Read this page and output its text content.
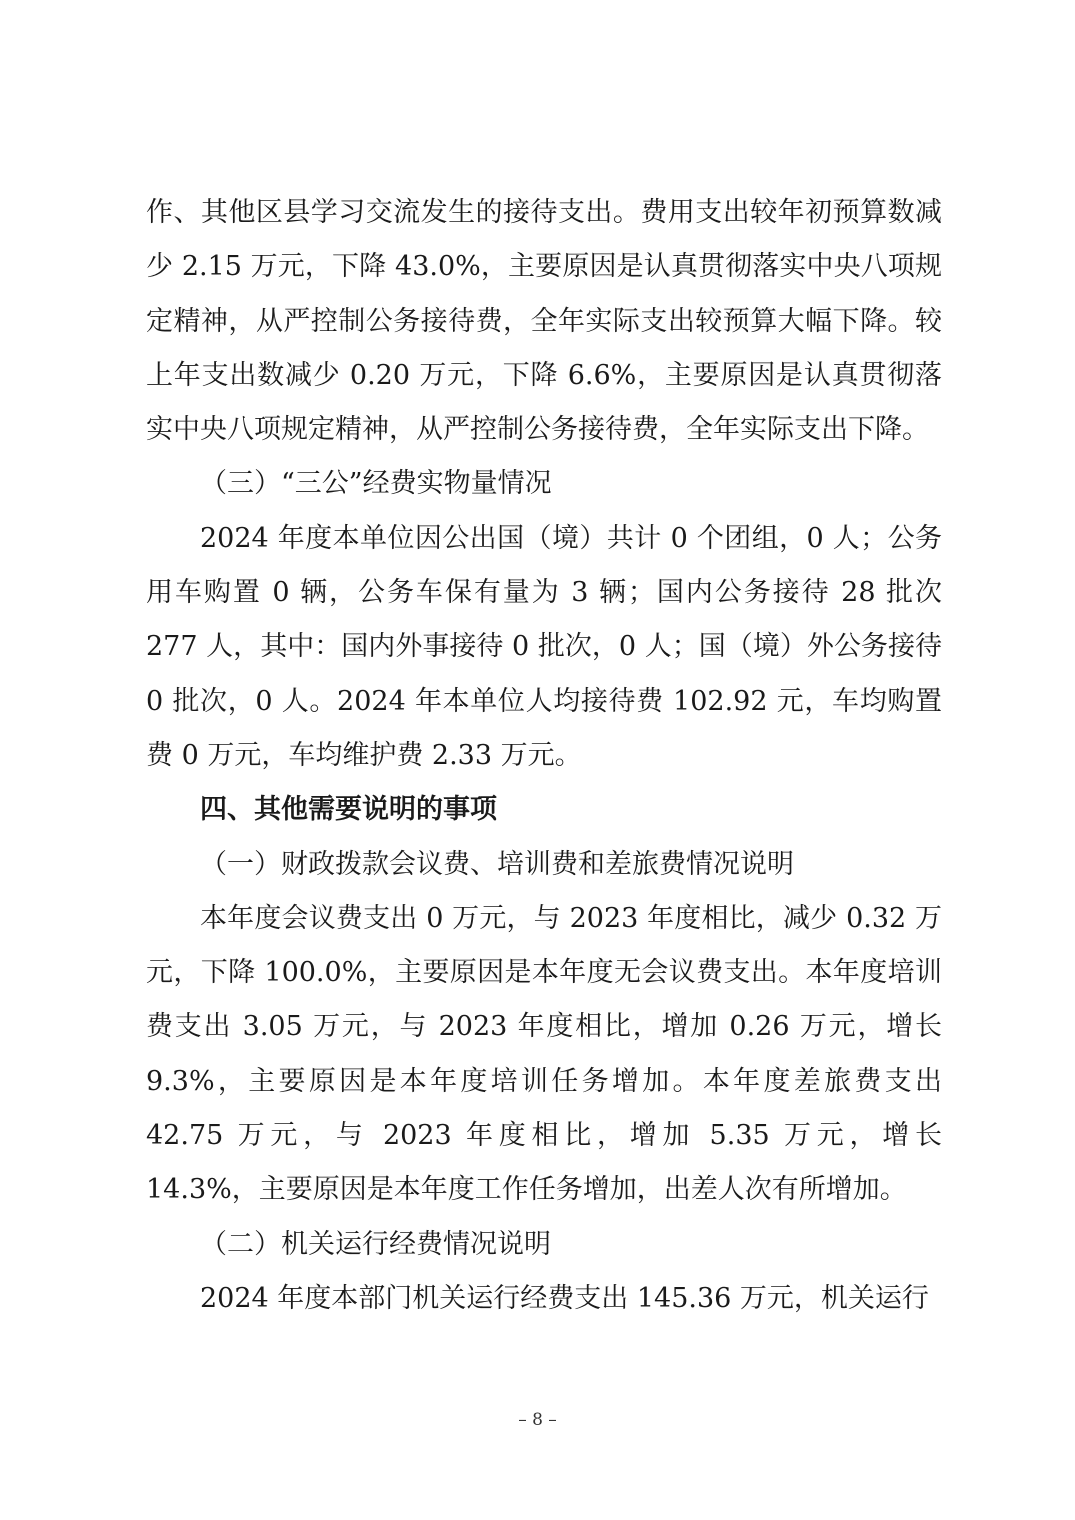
作、其他区县学习交流发生的接待支出。费用支出较年初预算数减少 2.15 万元，下降 43.0%，主要原因是认真贯彻落实中央八项规定精神，从严控制公务接待费，全年实际支出较预算大幅下降。较上年支出数减少 0.20 万元，下降 6.6%，主要原因是认真贯彻落实中央八项规定精神，从严控制公务接待费，全年实际支出下降。

（三）“三公”经费实物量情况

2024 年度本单位因公出国（境）共计 0 个团组，0 人；公务用车购置 0 辆，公务车保有量为 3 辆；国内公务接待 28 批次 277 人，其中：国内外事接待 0 批次，0 人；国（境）外公务接待 0 批次，0 人。2024 年本单位人均接待费 102.92 元，车均购置费 0 万元，车均维护费 2.33 万元。

四、其他需要说明的事项

（一）财政拨款会议费、培训费和差旅费情况说明

本年度会议费支出 0 万元，与 2023 年度相比，减少 0.32 万元，下降 100.0%，主要原因是本年度无会议费支出。本年度培训费支出 3.05 万元，与 2023 年度相比，增加 0.26 万元，增长 9.3%，主要原因是本年度培训任务增加。本年度差旅费支出 42.75 万元，与 2023 年度相比，增加 5.35 万元，增长 14.3%，主要原因是本年度工作任务增加，出差人次有所增加。

（二）机关运行经费情况说明

2024 年度本部门机关运行经费支出 145.36 万元，机关运行

– 8 –
